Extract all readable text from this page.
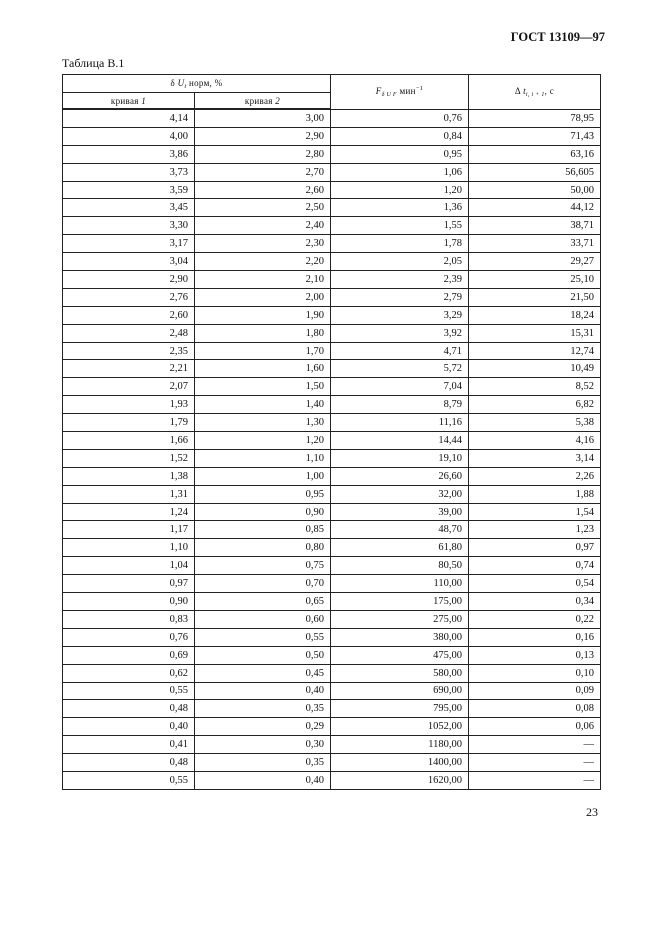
ГОСТ 13109—97
Таблица В.1
δ $U_t$ норм, %		$F_{\delta U F}$ мин$^{-1}$	Δ $t_{i, i + 1}$, с
кривая 1	кривая 2		
4,14	3,00	0,76	78,95
4,00	2,90	0,84	71,43
3,86	2,80	0,95	63,16
3,73	2,70	1,06	56,605
3,59	2,60	1,20	50,00
3,45	2,50	1,36	44,12
3,30	2,40	1,55	38,71
3,17	2,30	1,78	33,71
3,04	2,20	2,05	29,27
2,90	2,10	2,39	25,10
2,76	2,00	2,79	21,50
2,60	1,90	3,29	18,24
2,48	1,80	3,92	15,31
2,35	1,70	4,71	12,74
2,21	1,60	5,72	10,49
2,07	1,50	7,04	8,52
1,93	1,40	8,79	6,82
1,79	1,30	11,16	5,38
1,66	1,20	14,44	4,16
1,52	1,10	19,10	3,14
1,38	1,00	26,60	2,26
1,31	0,95	32,00	1,88
1,24	0,90	39,00	1,54
1,17	0,85	48,70	1,23
1,10	0,80	61,80	0,97
1,04	0,75	80,50	0,74
0,97	0,70	110,00	0,54
0,90	0,65	175,00	0,34
0,83	0,60	275,00	0,22
0,76	0,55	380,00	0,16
0,69	0,50	475,00	0,13
0,62	0,45	580,00	0,10
0,55	0,40	690,00	0,09
0,48	0,35	795,00	0,08
0,40	0,29	1052,00	0,06
0,41	0,30	1180,00	—
0,48	0,35	1400,00	—
0,55	0,40	1620,00	—
23
